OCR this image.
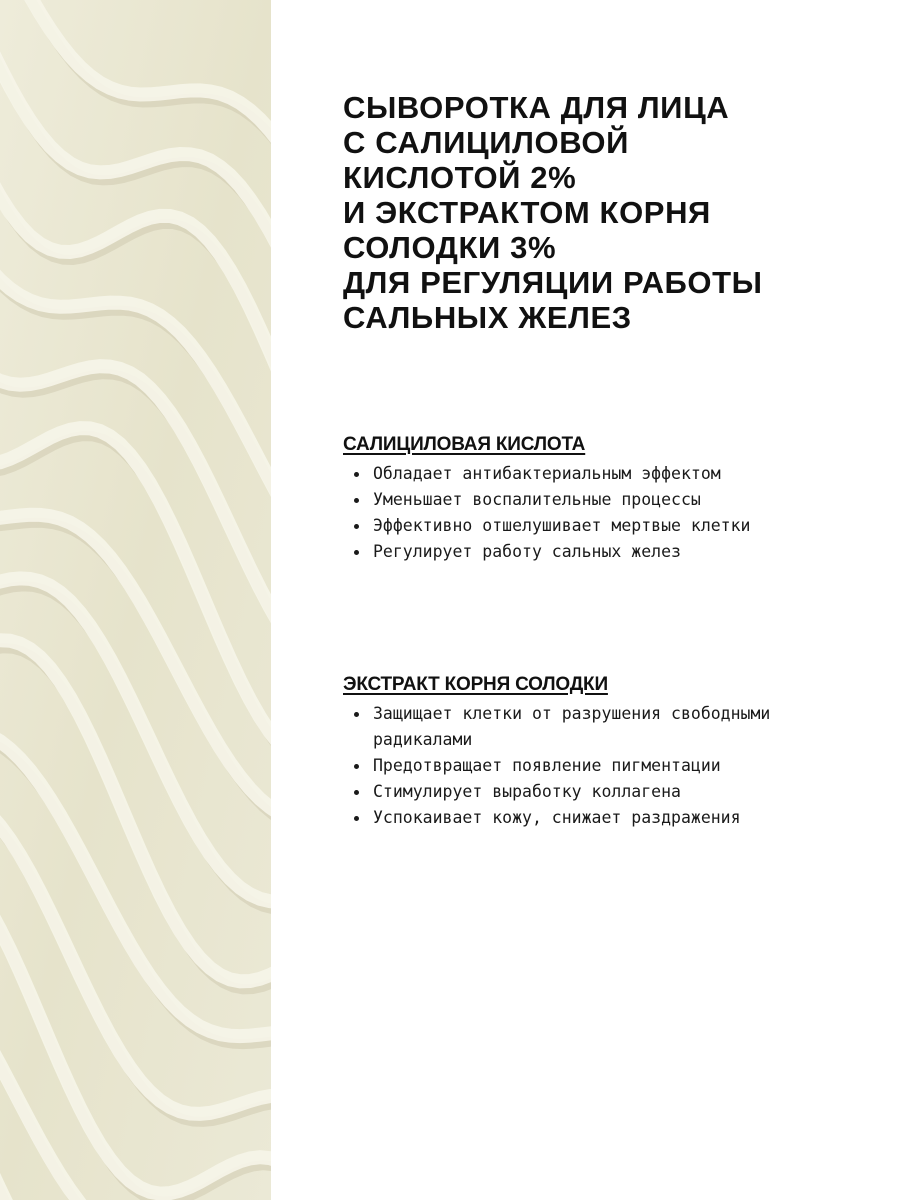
СЫВОРОТКА ДЛЯ ЛИЦА
С САЛИЦИЛОВОЙ
КИСЛОТОЙ 2%
И ЭКСТРАКТОМ КОРНЯ
СОЛОДКИ 3%
ДЛЯ РЕГУЛЯЦИИ РАБОТЫ
САЛЬНЫХ ЖЕЛЕЗ
САЛИЦИЛОВАЯ КИСЛОТА
Обладает антибактериальным эффектом
Уменьшает воспалительные процессы
Эффективно отшелушивает мертвые клетки
Регулирует работу сальных желез
ЭКСТРАКТ КОРНЯ СОЛОДКИ
Защищает клетки от разрушения свободными радикалами
Предотвращает появление пигментации
Стимулирует выработку коллагена
Успокаивает кожу, снижает раздражения
